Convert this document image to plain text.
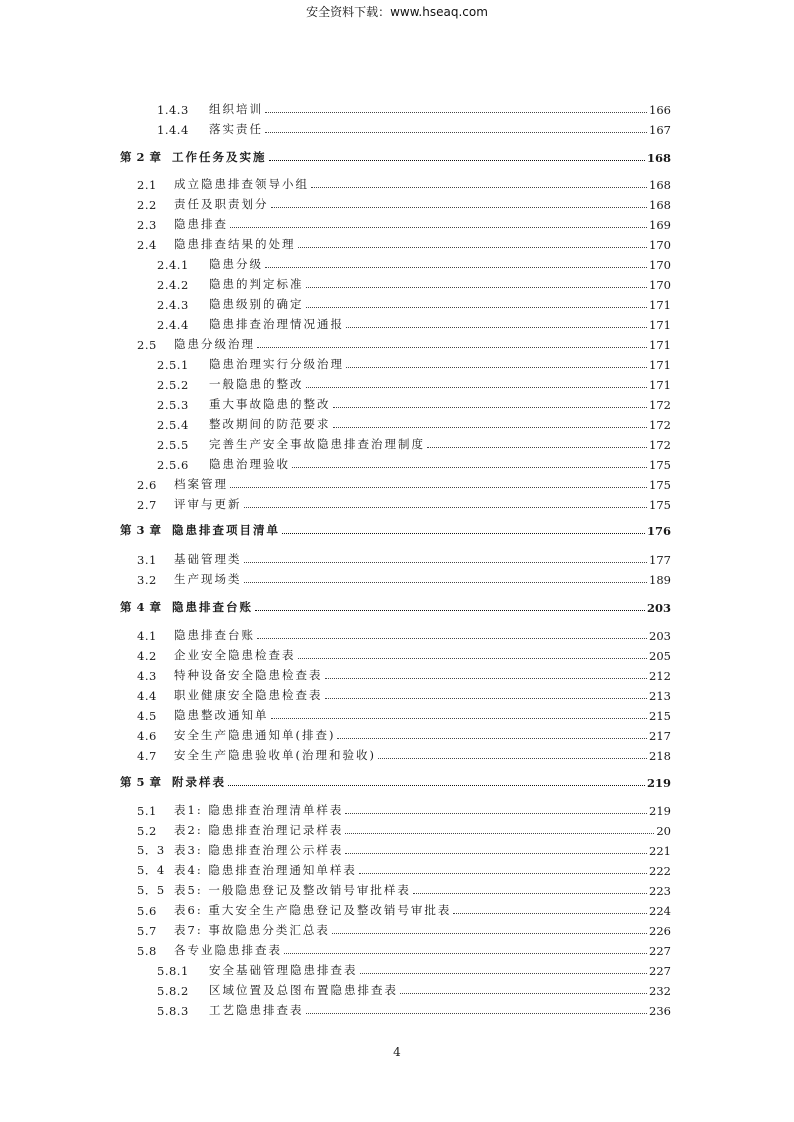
安全资料下载：www.hseaq.com
1.4.3	组织培训	166
1.4.4	落实责任	167
第 2 章 工作任务及实施	168
2.1	成立隐患排查领导小组	168
2.2	责任及职责划分	168
2.3	隐患排查	169
2.4	隐患排查结果的处理	170
2.4.1	隐患分级	170
2.4.2	隐患的判定标准	170
2.4.3	隐患级别的确定	171
2.4.4	隐患排查治理情况通报	171
2.5	隐患分级治理	171
2.5.1	隐患治理实行分级治理	171
2.5.2	一般隐患的整改	171
2.5.3	重大事故隐患的整改	172
2.5.4	整改期间的防范要求	172
2.5.5	完善生产安全事故隐患排查治理制度	172
2.5.6	隐患治理验收	175
2.6	档案管理	175
2.7	评审与更新	175
第 3 章 隐患排查项目清单	176
3.1	基础管理类	177
3.2	生产现场类	189
第 4 章 隐患排查台账	203
4.1	隐患排查台账	203
4.2	企业安全隐患检查表	205
4.3	特种设备安全隐患检查表	212
4.4	职业健康安全隐患检查表	213
4.5	隐患整改通知单	215
4.6	安全生产隐患通知单(排查)	217
4.7	安全生产隐患验收单(治理和验收)	218
第 5 章 附录样表	219
5.1	表1: 隐患排查治理清单样表	219
5.2	表2: 隐患排查治理记录样表	20
5．3 表3: 隐患排查治理公示样表	221
5．4 表4: 隐患排查治理通知单样表	222
5．5 表5: 一般隐患登记及整改销号审批样表	223
5.6	表6: 重大安全生产隐患登记及整改销号审批表	224
5.7	表7: 事故隐患分类汇总表	226
5.8	各专业隐患排查表	227
5.8.1	安全基础管理隐患排查表	227
5.8.2	区域位置及总图布置隐患排查表	232
5.8.3	工艺隐患排查表	236
4
